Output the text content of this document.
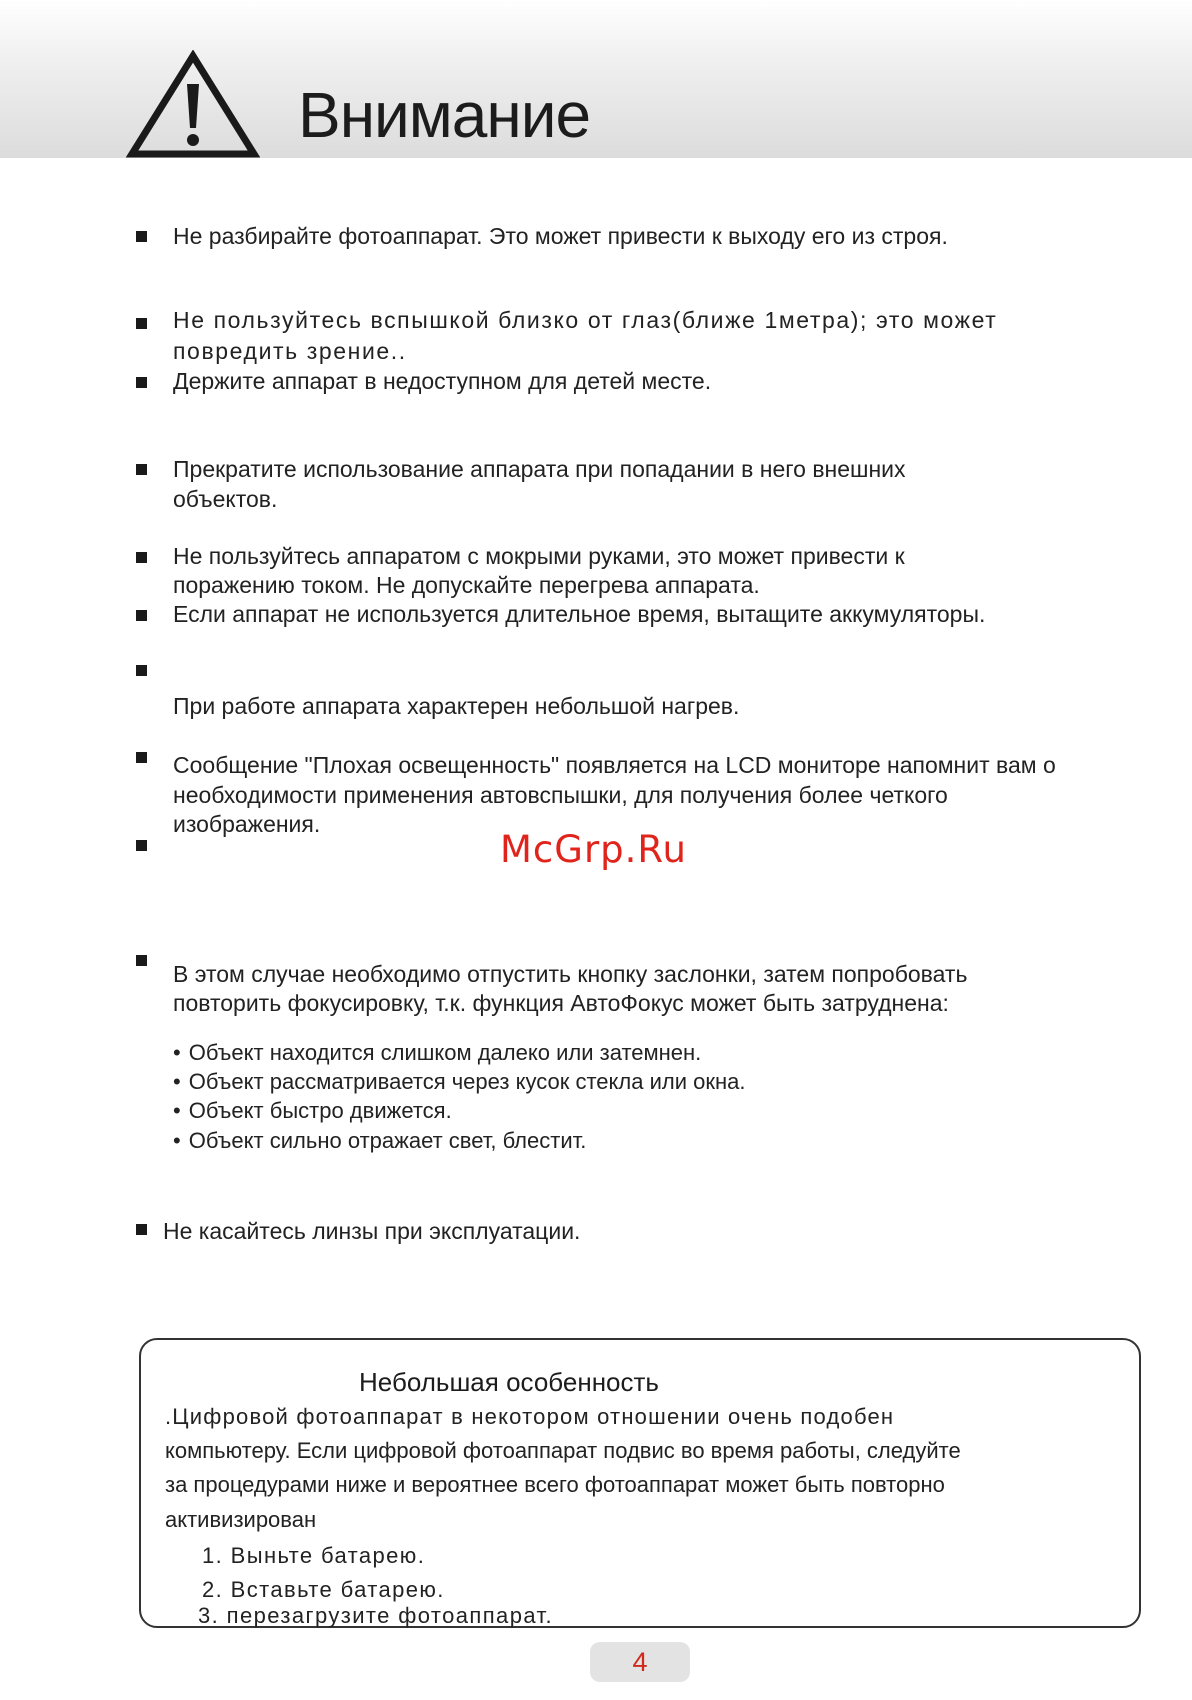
Внимание

Не разбирайте фотоаппарат. Это может привести к выходу его из строя.

Не пользуйтесь вспышкой близко от глаз(ближе 1метра); это может

повредить зрение..

Держите аппарат в недоступном для детей месте.

Прекратите использование аппарата при попадании в него внешних

объектов.

Не пользуйтесь аппаратом с мокрыми руками, это может привести к

поражению током. Не допускайте перегрева аппарата.

Если аппарат не используется длительное время, вытащите аккумуляторы.

При работе аппарата характерен небольшой нагрев.

Сообщение "Плохая освещенность" появляется на LCD мониторе напомнит вам о

необходимости применения автовспышки, для получения более четкого

изображения.

В этом случае необходимо отпустить кнопку заслонки, затем попробовать

повторить фокусировку, т.к. функция АвтоФокус может быть затруднена:

• Объект находится слишком далеко или затемнен.
• Объект рассматривается через кусок стекла или окна.
• Объект быстро движется.
• Объект сильно отражает свет, блестит.

Не касайтесь линзы при эксплуатации.

McGrp.Ru
Небольшая особенность
.Цифровой фотоаппарат в некотором отношении очень подобен
компьютеру. Если цифровой фотоаппарат подвис во время работы, следуйте
за процедурами ниже и вероятнее всего фотоаппарат может быть повторно
активизирован
1. Выньте батарею.
2. Вставьте батарею.
3. перезагрузите фотоаппарат.
4
